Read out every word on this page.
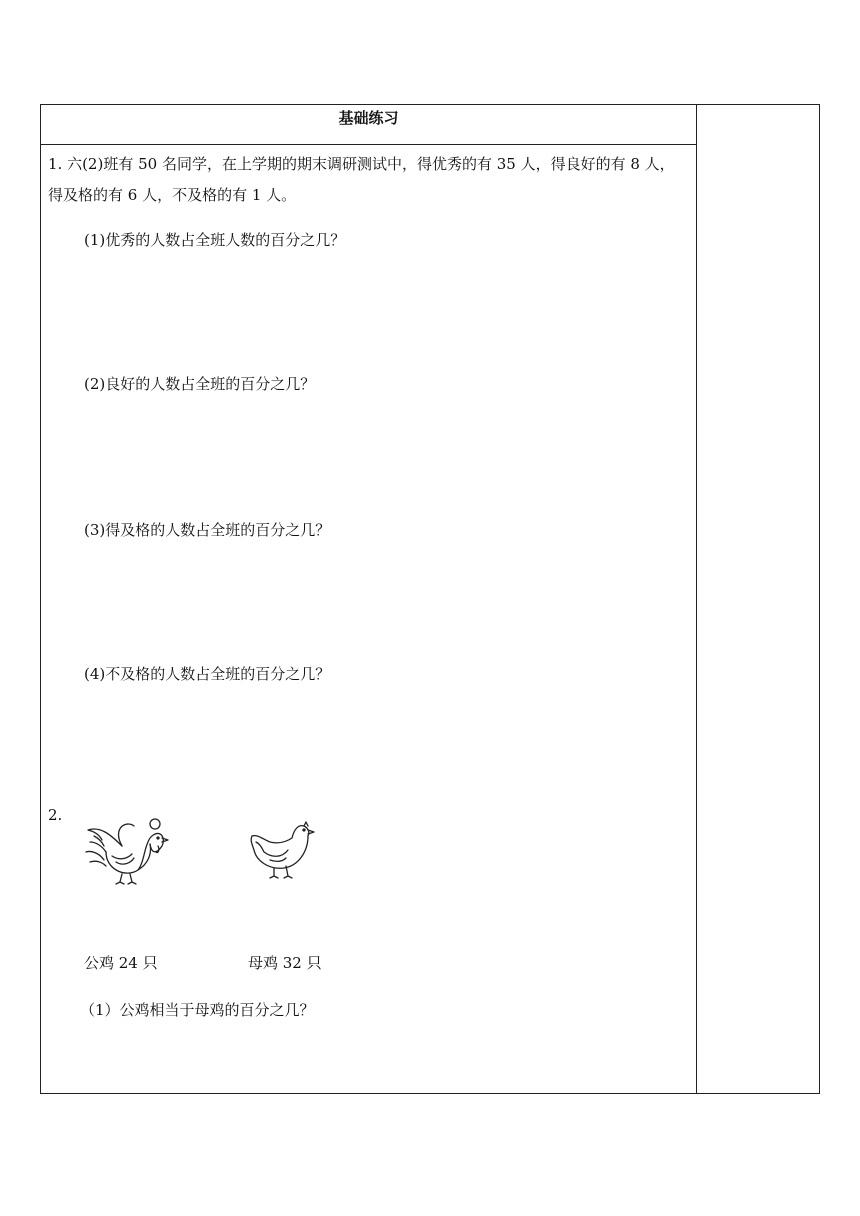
基础练习
1. 六(2)班有 50 名同学，在上学期的期末调研测试中，得优秀的有 35 人，得良好的有 8 人，得及格的有 6 人，不及格的有 1 人。
(1)优秀的人数占全班人数的百分之几？
(2)良好的人数占全班的百分之几？
(3)得及格的人数占全班的百分之几？
(4)不及格的人数占全班的百分之几？
2.
公鸡 24 只	母鸡 32 只
（1）公鸡相当于母鸡的百分之几？
